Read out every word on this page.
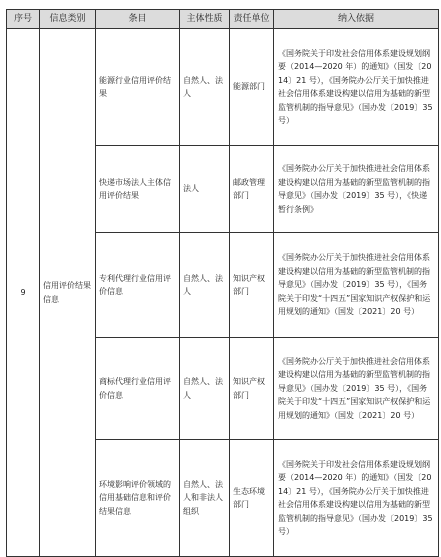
序号	信息类别	条目	主体性质	责任单位	纳入依据
9	信用评价结果信息	能源行业信用评价结果	自然人、法人	能源部门	《国务院关于印发社会信用体系建设规划纲要（2014—2020 年）的通知》（国发〔2014〕21 号），《国务院办公厅关于加快推进社会信用体系建设构建以信用为基础的新型监管机制的指导意见》（国办发〔2019〕35 号）
		快递市场法人主体信用评价结果	法人	邮政管理部门	《国务院办公厅关于加快推进社会信用体系建设构建以信用为基础的新型监管机制的指导意见》（国办发〔2019〕35 号），《快递暂行条例》
		专利代理行业信用评价信息	自然人、法人	知识产权部门	《国务院办公厅关于加快推进社会信用体系建设构建以信用为基础的新型监管机制的指导意见》（国办发〔2019〕35 号），《国务院关于印发“十四五”国家知识产权保护和运用规划的通知》（国发〔2021〕20 号）
		商标代理行业信用评价信息	自然人、法人	知识产权部门	《国务院办公厅关于加快推进社会信用体系建设构建以信用为基础的新型监管机制的指导意见》（国办发〔2019〕35 号），《国务院关于印发“十四五”国家知识产权保护和运用规划的通知》（国发〔2021〕20 号）
		环境影响评价领域的信用基础信息和评价结果信息	自然人、法人和非法人组织	生态环境部门	《国务院关于印发社会信用体系建设规划纲要（2014—2020 年）的通知》（国发〔2014〕21 号），《国务院办公厅关于加快推进社会信用体系建设构建以信用为基础的新型监管机制的指导意见》（国办发〔2019〕35 号）
